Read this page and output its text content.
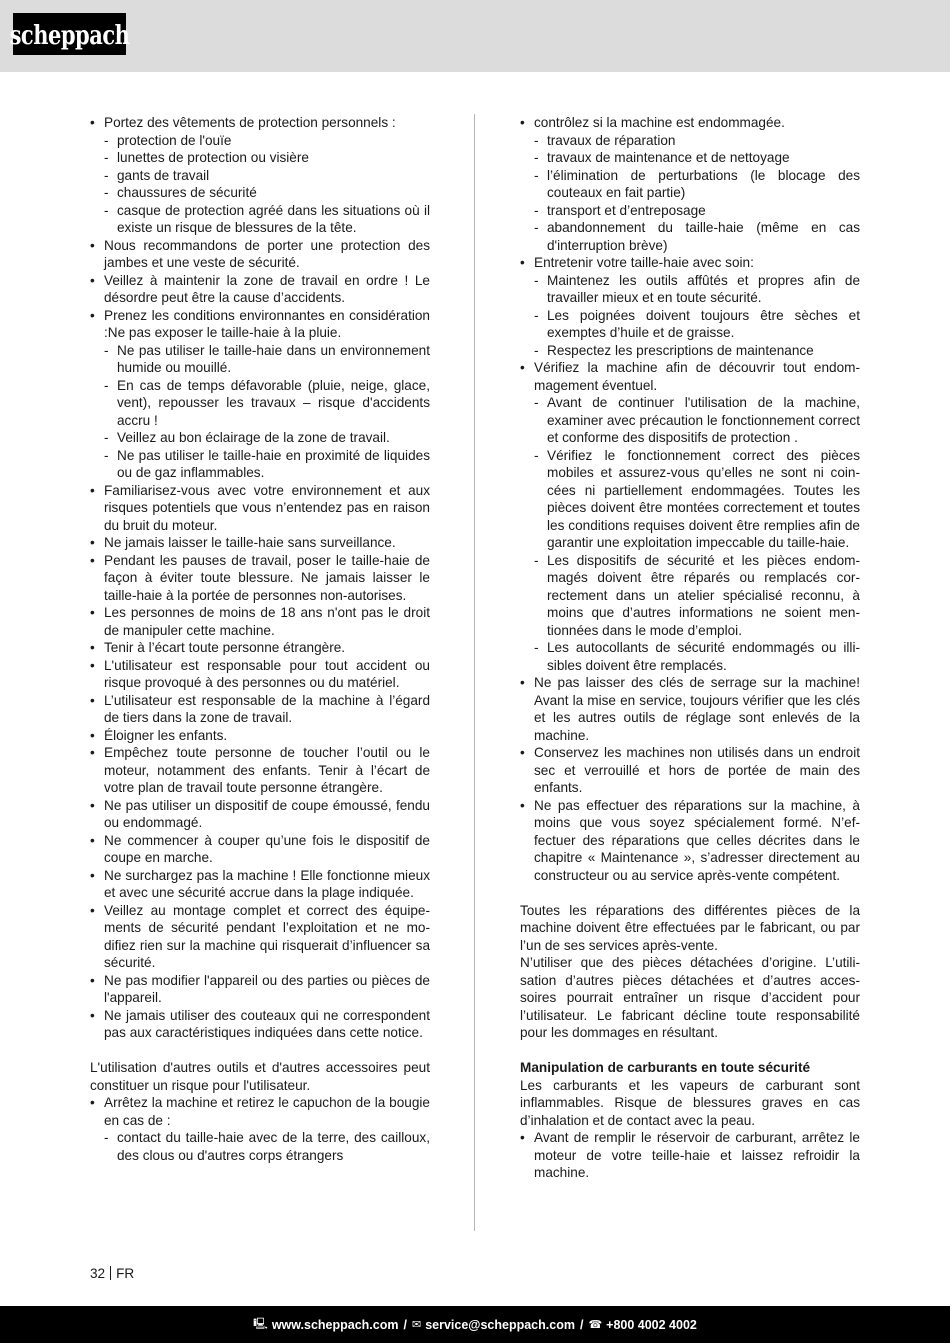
scheppach
• Portez des vêtements de protection personnels :
- protection de l'ouïe
- lunettes de protection ou visière
- gants de travail
- chaussures de sécurité
- casque de protection agréé dans les situations où il existe un risque de blessures de la tête.
• Nous recommandons de porter une protection des jambes et une veste de sécurité.
• Veillez à maintenir la zone de travail en ordre ! Le désordre peut être la cause d’accidents.
• Prenez les conditions environnantes en considération :Ne pas exposer le taille-haie à la pluie.
- Ne pas utiliser le taille-haie dans un environnement humide ou mouillé.
- En cas de temps défavorable (pluie, neige, glace, vent), repousser les travaux – risque d'accidents accru !
- Veillez au bon éclairage de la zone de travail.
- Ne pas utiliser le taille-haie en proximité de liquides ou de gaz inflammables.
• Familiarisez-vous avec votre environnement et aux risques potentiels que vous n’entendez pas en raison du bruit du moteur.
• Ne jamais laisser le taille-haie sans surveillance.
• Pendant les pauses de travail, poser le taille-haie de façon à éviter toute blessure. Ne jamais laisser le taille-haie à la portée de personnes non-autorises.
• Les personnes de moins de 18 ans n'ont pas le droit de manipuler cette machine.
• Tenir à l’écart toute personne étrangère.
• L'utilisateur est responsable pour tout accident ou risque provoqué à des personnes ou du matériel.
• L’utilisateur est responsable de la machine à l’égard de tiers dans la zone de travail.
• Éloigner les enfants.
• Empêchez toute personne de toucher l’outil ou le moteur, notamment des enfants. Tenir à l’écart de votre plan de travail toute personne étrangère.
• Ne pas utiliser un dispositif de coupe émoussé, fendu ou endommagé.
• Ne commencer à couper qu’une fois le dispositif de coupe en marche.
• Ne surchargez pas la machine ! Elle fonctionne mieux et avec une sécurité accrue dans la plage indiquée.
• Veillez au montage complet et correct des équipements de sécurité pendant l’exploitation et ne modifiez rien sur la machine qui risquerait d’influencer sa sécurité.
• Ne pas modifier l'appareil ou des parties ou pièces de l'appareil.
• Ne jamais utiliser des couteaux qui ne correspondent pas aux caractéristiques indiquées dans cette notice.
L'utilisation d'autres outils et d'autres accessoires peut constituer un risque pour l'utilisateur.
• Arrêtez la machine et retirez le capuchon de la bougie en cas de :
- contact du taille-haie avec de la terre, des cailloux, des clous ou d'autres corps étrangers
• contrôlez si la machine est endommagée.
- travaux de réparation
- travaux de maintenance et de nettoyage
- l’élimination de perturbations (le blocage des couteaux en fait partie)
- transport et d’entreposage
- abandonnement du taille-haie (même en cas d'interruption brève)
• Entretenir votre taille-haie avec soin:
- Maintenez les outils affûtés et propres afin de travailler mieux et en toute sécurité.
- Les poignées doivent toujours être sèches et exemptes d’huile et de graisse.
- Respectez les prescriptions de maintenance
• Vérifiez la machine afin de découvrir tout endommagement éventuel.
- Avant de continuer l'utilisation de la machine, examiner avec précaution le fonctionnement correct et conforme des dispositifs de protection .
- Vérifiez le fonctionnement correct des pièces mobiles et assurez-vous qu’elles ne sont ni coincées ni partiellement endommagées. Toutes les pièces doivent être montées correctement et toutes les conditions requises doivent être remplies afin de garantir une exploitation impeccable du taille-haie.
- Les dispositifs de sécurité et les pièces endommagés doivent être réparés ou remplacés correctement dans un atelier spécialisé reconnu, à moins que d’autres informations ne soient mentionnées dans le mode d’emploi.
- Les autocollants de sécurité endommagés ou illisibles doivent être remplacés.
• Ne pas laisser des clés de serrage sur la machine! Avant la mise en service, toujours vérifier que les clés et les autres outils de réglage sont enlevés de la machine.
• Conservez les machines non utilisés dans un endroit sec et verrouillé et hors de portée de main des enfants.
• Ne pas effectuer des réparations sur la machine, à moins que vous soyez spécialement formé. N’effectuer des réparations que celles décrites dans le chapitre « Maintenance », s’adresser directement au constructeur ou au service après-vente compétent.
Toutes les réparations des différentes pièces de la machine doivent être effectuées par le fabricant, ou par l’un de ses services après-vente.
N’utiliser que des pièces détachées d’origine. L’utilisation d’autres pièces détachées et d’autres accessoires pourrait entraîner un risque d’accident pour l’utilisateur. Le fabricant décline toute responsabilité pour les dommages en résultant.
Manipulation de carburants en toute sécurité
Les carburants et les vapeurs de carburant sont inflammables. Risque de blessures graves en cas d’inhalation et de contact avec la peau.
• Avant de remplir le réservoir de carburant, arrêtez le moteur de votre teille-haie et laissez refroidir la machine.
32 FR
🖳 www.scheppach.com / ✉ service@scheppach.com / ☎ +800 4002 4002
